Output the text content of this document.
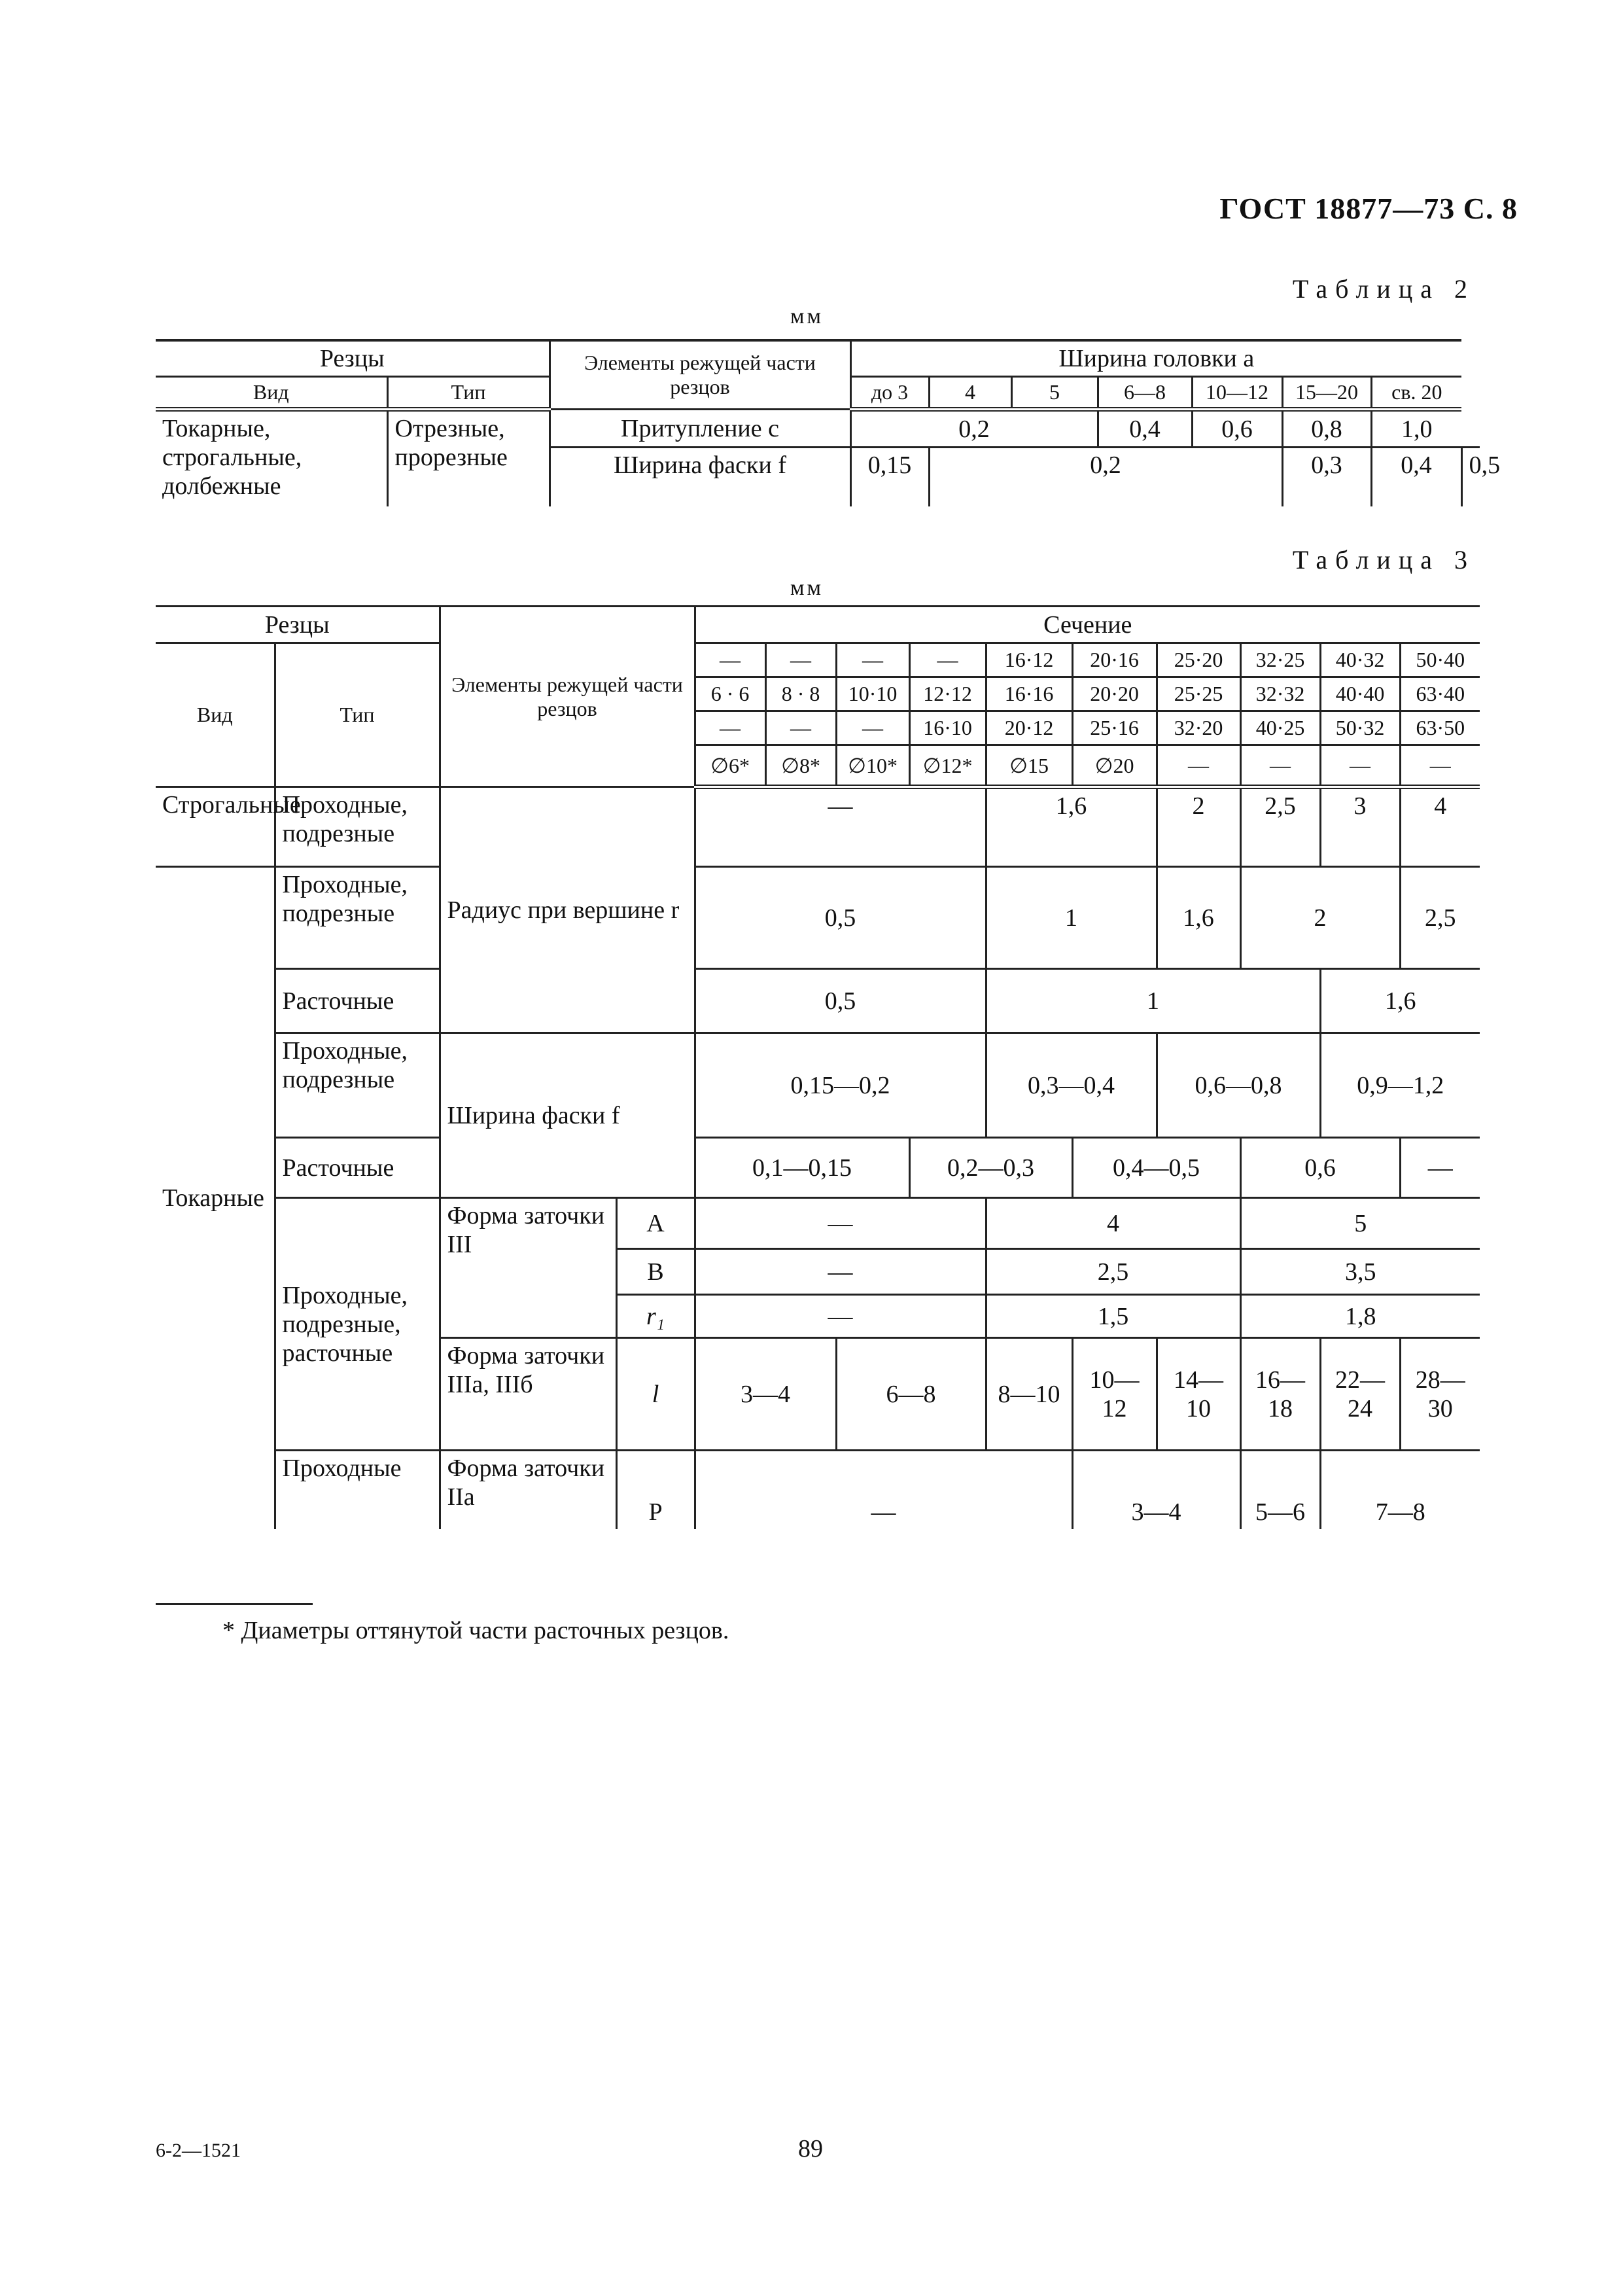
ГОСТ 18877—73 С. 8
Таблица 2
мм
Резцы		Элементы режущей части резцов	Ширина головки a							
Вид	Тип		до 3	4	5	6—8	10—12	15—20	св. 20	
Токарные, строгальные, долбежные	Отрезные, прорезные	Притупление c	0,2			0,4	0,6	0,8	1,0	
		Ширина фаски f	0,15	0,2				0,3	0,4	0,5
Таблица 3
мм
Резцы		Элементы режущей части резцов		Сечение									
Вид	Тип			—	—	—	—	16·12	20·16	25·20	32·25	40·32	50·40
				6 · 6	8 · 8	10·10	12·12	16·16	20·20	25·25	32·32	40·40	63·40
				—	—	—	16·10	20·12	25·16	32·20	40·25	50·32	63·50
				∅6*	∅8*	∅10*	∅12*	∅15	∅20	—	—	—	—
Строгальные	Проходные, подрезные	Радиус при вершине r		—				1,6		2	2,5	3	4
Токарные	Проходные, подрезные			0,5				1		1,6	2		2,5
	Расточные			0,5				1				1,6	
	Проходные, подрезные	Ширина фаски f		0,15—0,2				0,3—0,4		0,6—0,8		0,9—1,2	
	Расточные			0,1—0,15			0,2—0,3		0,4—0,5		0,6		—
	Проходные, подрезные, расточные	Форма заточки III	A	—				4			5		
			B	—				2,5			3,5		
			r₁	—				1,5			1,8		
		Форма заточки IIIа, IIIб	l	3—4		6—8		8—10	10—12	14—10	16—18	22—24	28—30
	Проходные	Форма заточки IIа	P	—					3—4		5—6	7—8	
* Диаметры оттянутой части расточных резцов.
6-2—1521	89
